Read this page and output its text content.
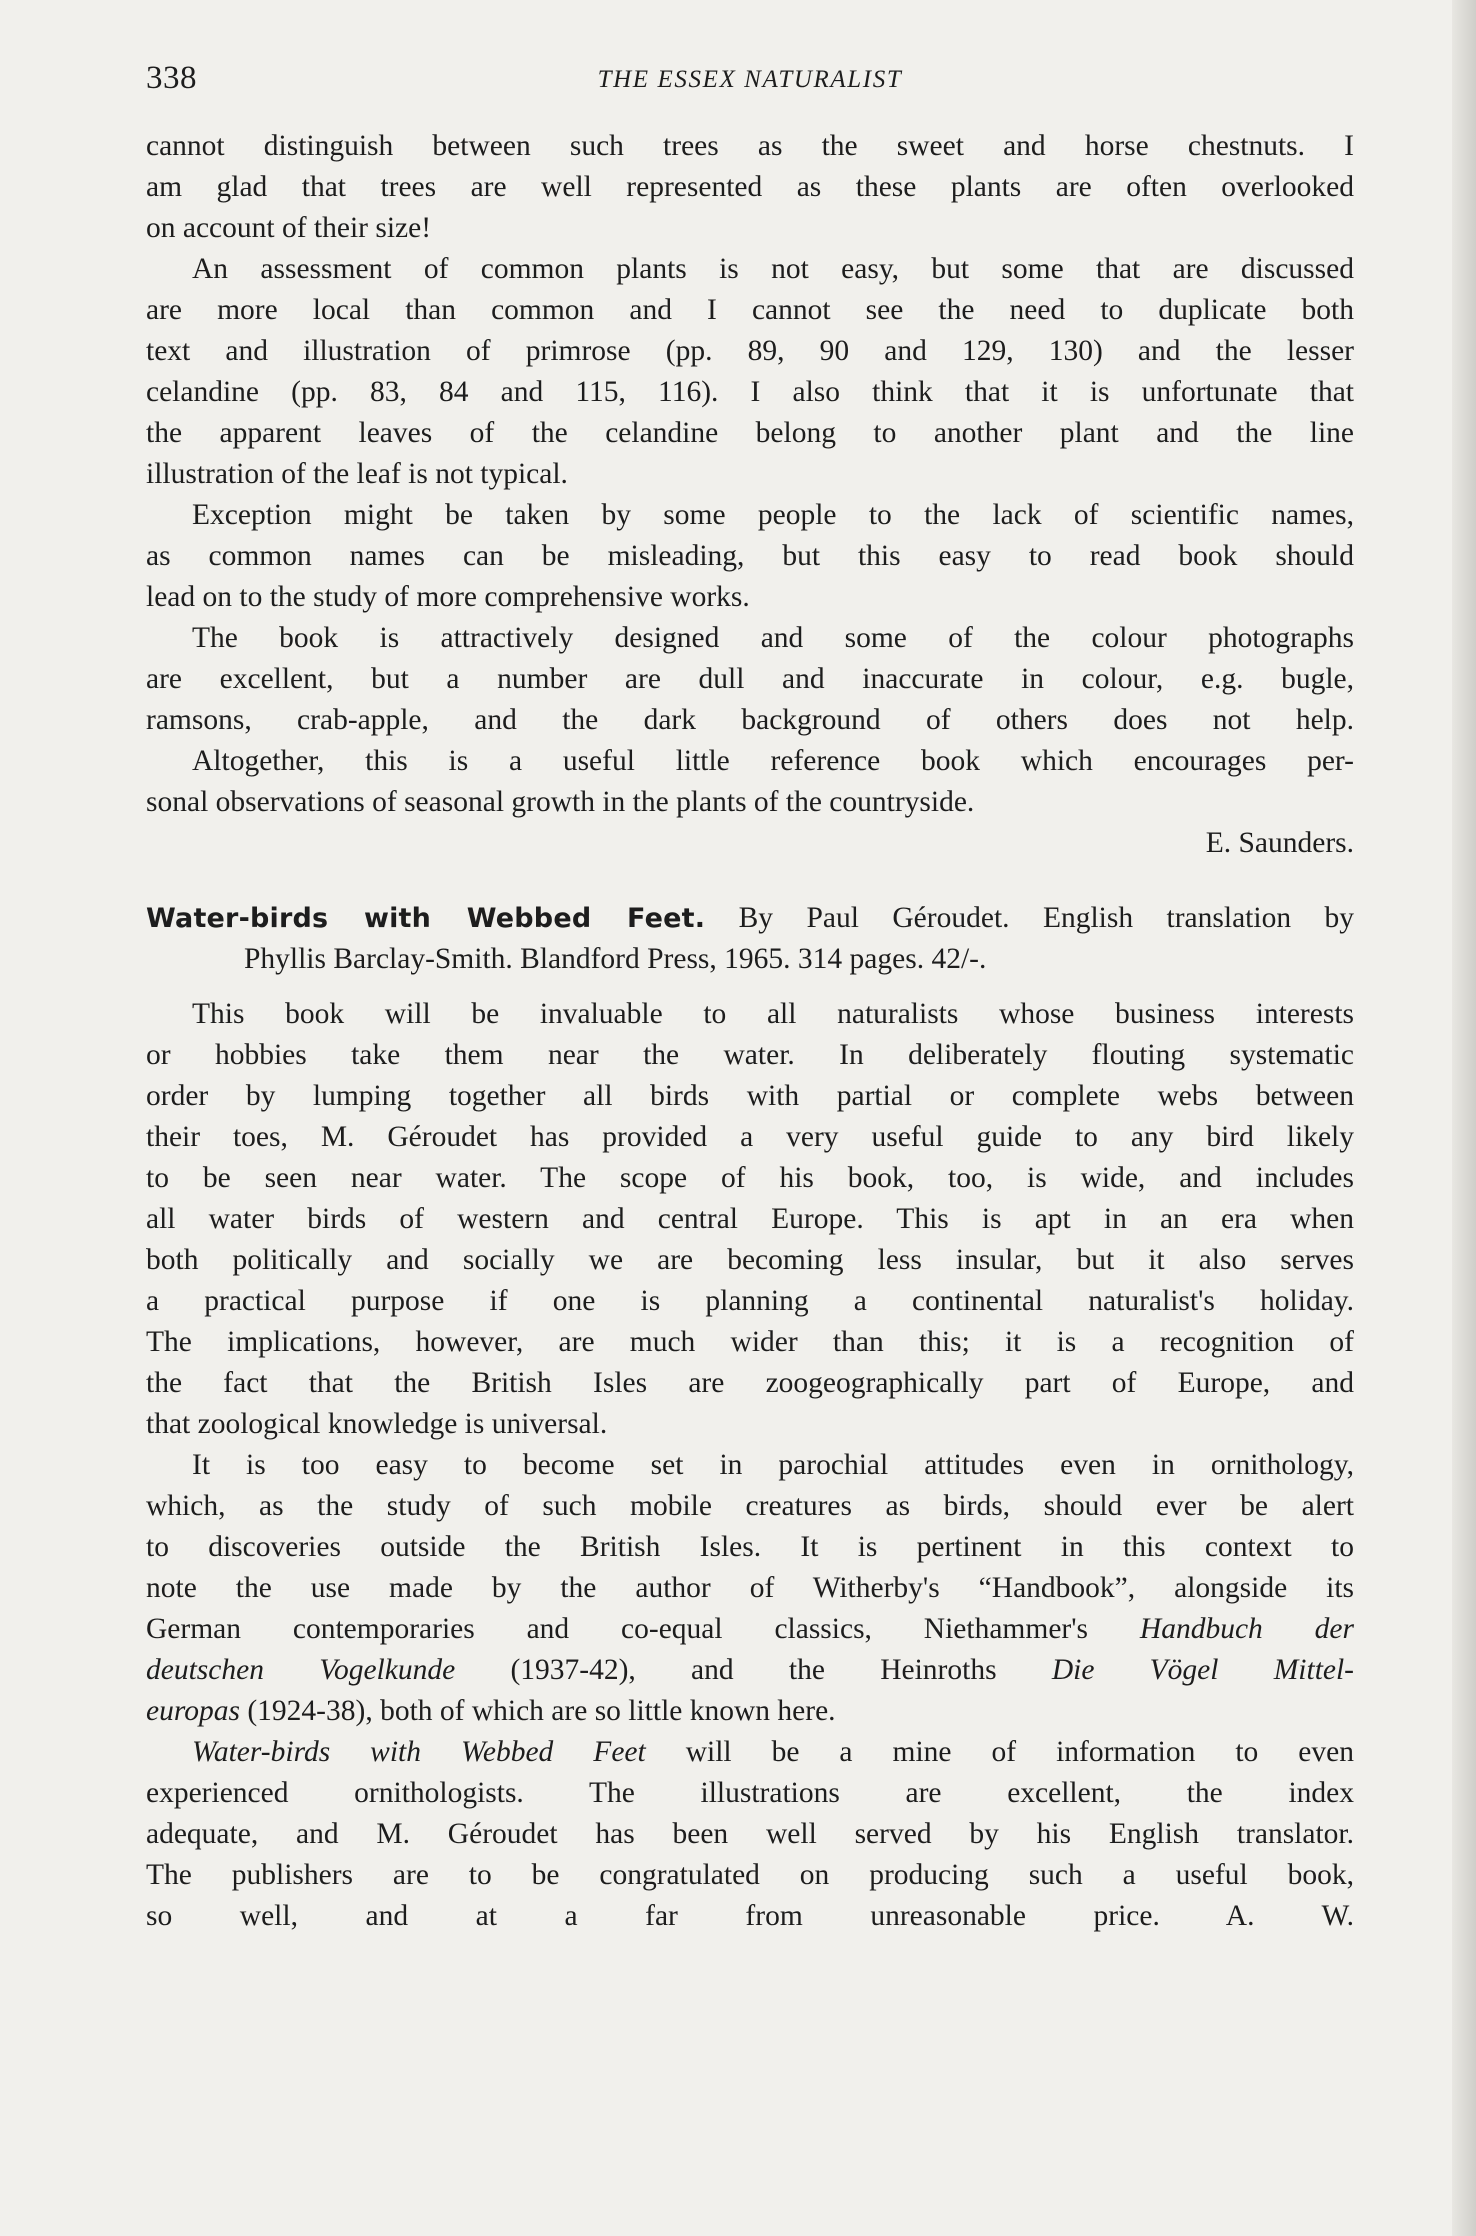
338	THE ESSEX NATURALIST
cannot distinguish between such trees as the sweet and horse chestnuts. I
am glad that trees are well represented as these plants are often overlooked
on account of their size!
An assessment of common plants is not easy, but some that are discussed
are more local than common and I cannot see the need to duplicate both
text and illustration of primrose (pp. 89, 90 and 129, 130) and the lesser
celandine (pp. 83, 84 and 115, 116). I also think that it is unfortunate that
the apparent leaves of the celandine belong to another plant and the line
illustration of the leaf is not typical.
Exception might be taken by some people to the lack of scientific names,
as common names can be misleading, but this easy to read book should
lead on to the study of more comprehensive works.
The book is attractively designed and some of the colour photographs
are excellent, but a number are dull and inaccurate in colour, e.g. bugle,
ramsons, crab-apple, and the dark background of others does not help.
Altogether, this is a useful little reference book which encourages per-
sonal observations of seasonal growth in the plants of the countryside.
E. Saunders.
Water-birds with Webbed Feet. By Paul Géroudet. English translation by
Phyllis Barclay-Smith. Blandford Press, 1965. 314 pages. 42/-.
This book will be invaluable to all naturalists whose business interests
or hobbies take them near the water. In deliberately flouting systematic
order by lumping together all birds with partial or complete webs between
their toes, M. Géroudet has provided a very useful guide to any bird likely
to be seen near water. The scope of his book, too, is wide, and includes
all water birds of western and central Europe. This is apt in an era when
both politically and socially we are becoming less insular, but it also serves
a practical purpose if one is planning a continental naturalist's holiday.
The implications, however, are much wider than this; it is a recognition of
the fact that the British Isles are zoogeographically part of Europe, and
that zoological knowledge is universal.
It is too easy to become set in parochial attitudes even in ornithology,
which, as the study of such mobile creatures as birds, should ever be alert
to discoveries outside the British Isles. It is pertinent in this context to
note the use made by the author of Witherby's “Handbook”, alongside its
German contemporaries and co-equal classics, Niethammer's Handbuch der
deutschen Vogelkunde (1937-42), and the Heinroths Die Vögel Mittel-
europas (1924-38), both of which are so little known here.
Water-birds with Webbed Feet will be a mine of information to even
experienced ornithologists. The illustrations are excellent, the index
adequate, and M. Géroudet has been well served by his English translator.
The publishers are to be congratulated on producing such a useful book,
so well, and at a far from unreasonable price. A. W.
